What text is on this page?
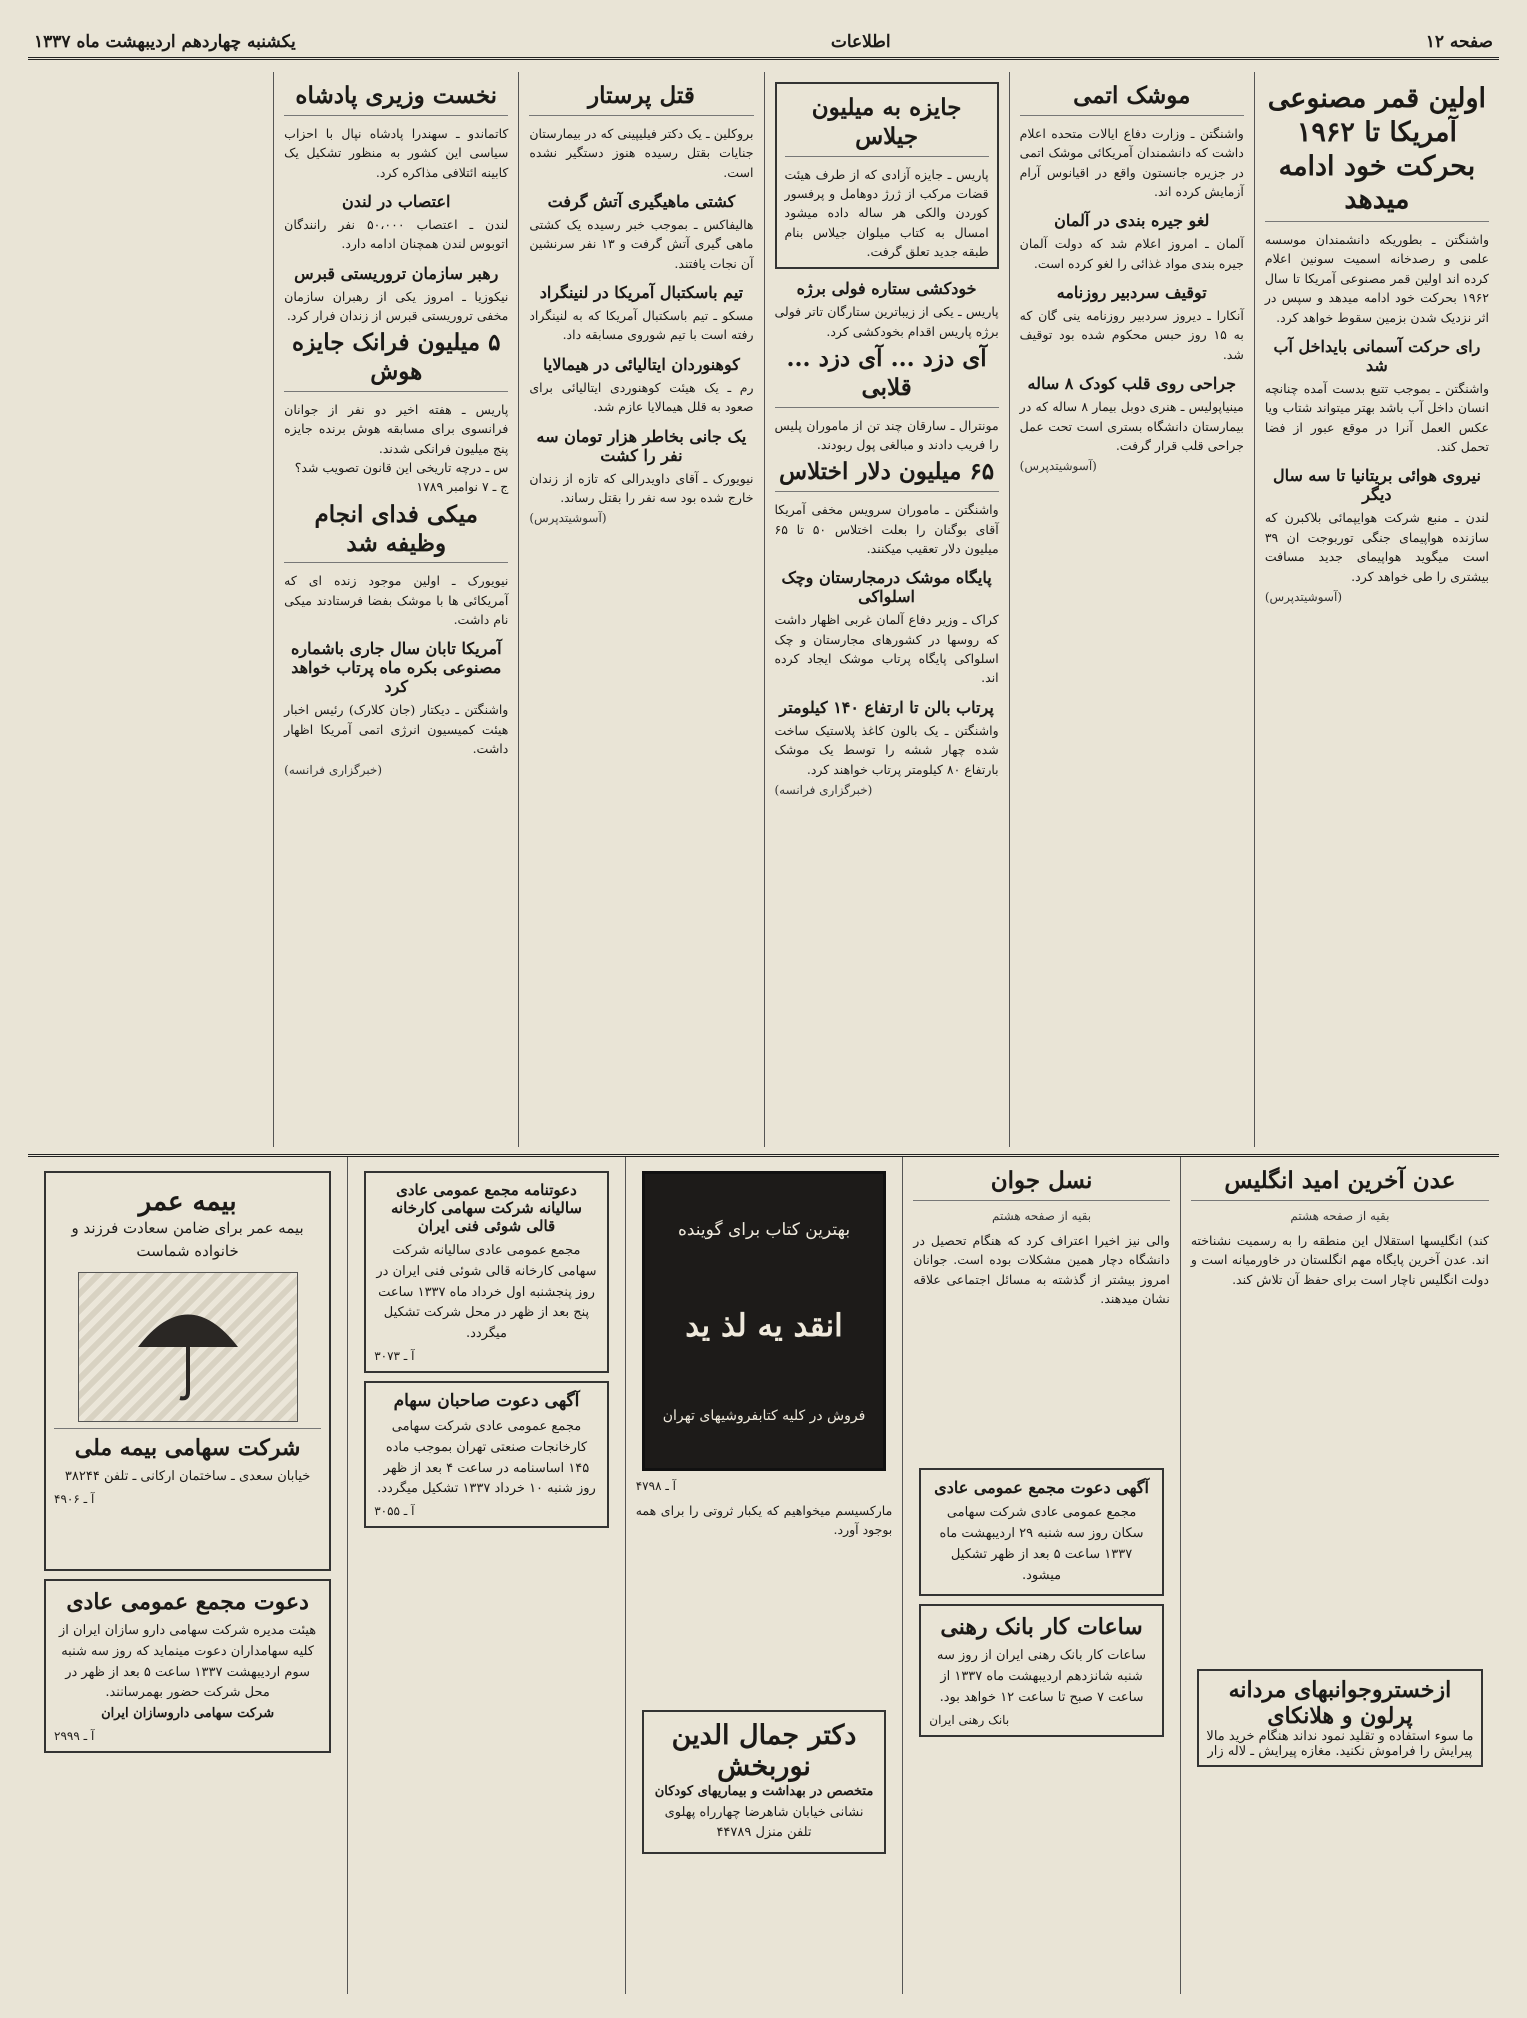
صفحه ۱۲
اطلاعات
یکشنبه چهاردهم اردیبهشت ماه ۱۳۳۷
اولین قمر مصنوعی آمریکا تا ۱۹۶۲ بحرکت خود ادامه میدهد

واشنگتن ـ بطوریکه دانشمندان موسسه علمی و رصدخانه اسمیت سونین اعلام کرده اند اولین قمر مصنوعی آمریکا تا سال ۱۹۶۲ بحرکت خود ادامه میدهد و سپس در اثر نزدیک شدن بزمین سقوط خواهد کرد.

رای حرکت آسمانی بایداخل آب شد

واشنگتن ـ بموجب تتبع بدست آمده چنانچه انسان داخل آب باشد بهتر میتواند شتاب ویا عکس العمل آنرا در موقع عبور از فضا تحمل کند.

نیروی هوائی بریتانیا تا سه سال دیگر

لندن ـ منبع شرکت هوایپمائی بلاکبرن که سازنده هواپیمای جنگی توربوجت ان ۳۹ است میگوید هواپیمای جدید مسافت بیشتری را طی خواهد کرد.

(آسوشیتدپرس)
موشک اتمی

واشنگتن ـ وزارت دفاع ایالات متحده اعلام داشت که دانشمندان آمریکائی موشک اتمی در جزیره جانستون واقع در اقیانوس آرام آزمایش کرده اند.

لغو جیره بندی در آلمان

آلمان ـ امروز اعلام شد که دولت آلمان جیره بندی مواد غذائی را لغو کرده است.

توقیف سردبیر روزنامه

آنکارا ـ دیروز سردبیر روزنامه ینی گان که به ۱۵ روز حبس محکوم شده بود توقیف شد.

جراحی روی قلب کودک ۸ ساله

مینیاپولیس ـ هنری دوبل بیمار ۸ ساله که در بیمارستان دانشگاه بستری است تحت عمل جراحی قلب قرار گرفت.

(آسوشیتدپرس)
جایزه به میلیون جیلاس

پاریس ـ جایزه آزادی که از طرف هیئت قضات مرکب از ژرژ دوهامل و پرفسور کوردن والکی هر ساله داده میشود امسال به کتاب میلوان جیلاس بنام طبقه جدید تعلق گرفت.

خودکشی ستاره فولی برژه

پاریس ـ یکی از زیباترین ستارگان تاتر فولی برژه پاریس اقدام بخودکشی کرد.

آی دزد ... آی دزد ... قلابی

مونترال ـ سارقان چند تن از ماموران پلیس را فریب دادند و مبالغی پول ربودند.

۶۵ میلیون دلار اختلاس

واشنگتن ـ ماموران سرویس مخفی آمریکا آقای بوگنان را بعلت اختلاس ۵۰ تا ۶۵ میلیون دلار تعقیب میکنند.

پایگاه موشک درمجارستان وچک اسلواکی

کراک ـ وزیر دفاع آلمان غربی اظهار داشت که روسها در کشورهای مجارستان و چک اسلواکی پایگاه پرتاب موشک ایجاد کرده اند.

پرتاب بالن تا ارتفاع ۱۴۰ کیلومتر

واشنگتن ـ یک بالون کاغذ پلاستیک ساخت شده چهار ششه را توسط یک موشک بارتفاع ۸۰ کیلومتر پرتاب خواهند کرد.

(خبرگزاری فرانسه)
قتل پرستار

بروکلین ـ یک دکتر فیلیپینی که در بیمارستان جنایات بقتل رسیده هنوز دستگیر نشده است.

کشتی ماهیگیری آتش گرفت

هالیفاکس ـ بموجب خبر رسیده یک کشتی ماهی گیری آتش گرفت و ۱۳ نفر سرنشین آن نجات یافتند.

تیم باسکتبال آمریکا در لنینگراد

مسکو ـ تیم باسکتبال آمریکا که به لنینگراد رفته است با تیم شوروی مسابقه داد.

کوهنوردان ایتالیائی در هیمالایا

رم ـ یک هیئت کوهنوردی ایتالیائی برای صعود به قلل هیمالایا عازم شد.

یک جانی بخاطر هزار تومان سه نفر را کشت

نیویورک ـ آقای داویدرالی که تازه از زندان خارج شده بود سه نفر را بقتل رساند.

(آسوشیتدپرس)
نخست وزیری پادشاه

کاتماندو ـ سهندرا پادشاه نپال با احزاب سیاسی این کشور به منظور تشکیل یک کابینه ائتلافی مذاکره کرد.

اعتصاب در لندن

لندن ـ اعتصاب ۵۰،۰۰۰ نفر رانندگان اتوبوس لندن همچنان ادامه دارد.

رهبر سازمان تروریستی قبرس

نیکوزیا ـ امروز یکی از رهبران سازمان مخفی تروریستی قبرس از زندان فرار کرد.

۵ میلیون فرانک جایزه هوش

پاریس ـ هفته اخیر دو نفر از جوانان فرانسوی برای مسابقه هوش برنده جایزه پنج میلیون فرانکی شدند.

س ـ درچه تاریخی این قانون تصویب شد؟

ج ـ ۷ نوامبر ۱۷۸۹

میکی فدای انجام وظیفه شد

نیویورک ـ اولین موجود زنده ای که آمریکائی ها با موشک بفضا فرستادند میکی نام داشت.

آمریکا تابان سال جاری باشماره مصنوعی بکره ماه پرتاب خواهد کرد

واشنگتن ـ دیکتار (جان کلارک) رئیس اخبار هیئت کمیسیون انرژی اتمی آمریکا اظهار داشت.

(خبرگزاری فرانسه)
عدن آخرین امید انگلیس
بقیه از صفحه هشتم

کند) انگلیسها استقلال این منطقه را به رسمیت نشناخته اند. عدن آخرین پایگاه مهم انگلستان در خاورمیانه است و دولت انگلیس ناچار است برای حفظ آن تلاش کند.

ازخستروجوانبهای مردانه پرلون و هلانکای
ما سوء استفاده و تقلید نمود نداند هنگام خرید مالا پیرایش را فراموش نکنید. مغازه پیرایش ـ لاله زار
نسل جوان
بقیه از صفحه هشتم

والی نیز اخیرا اعتراف کرد که هنگام تحصیل در دانشگاه دچار همین مشکلات بوده است. جوانان امروز بیشتر از گذشته به مسائل اجتماعی علاقه نشان میدهند.

آگهی دعوت مجمع عمومی عادی
مجمع عمومی عادی شرکت سهامی سکان روز سه شنبه ۲۹ اردیبهشت ماه ۱۳۳۷ ساعت ۵ بعد از ظهر تشکیل میشود.
ساعات کار بانک رهنی
ساعات کار بانک رهنی ایران از روز سه شنبه شانزدهم اردیبهشت ماه ۱۳۳۷ از ساعت ۷ صبح تا ساعت ۱۲ خواهد بود.
بانک رهنی ایران
بهترین کتاب برای گوینده
انقد یه لذ ید
فروش در کلیه کتابفروشیهای تهران
آ ـ ۴۷۹۸

مارکسیسم میخواهیم که یکبار ثروتی را برای همه بوجود آورد.

دکتر جمال الدین نوربخش
متخصص در بهداشت و بیماریهای کودکان
نشانی خیابان شاهرضا چهارراه پهلوی
تلفن منزل ۴۴۷۸۹
دعوتنامه مجمع عمومی عادی سالیانه شرکت سهامی کارخانه قالی شوئی فنی ایران
مجمع عمومی عادی سالیانه شرکت سهامی کارخانه قالی شوئی فنی ایران در روز پنجشنبه اول خرداد ماه ۱۳۳۷ ساعت پنج بعد از ظهر در محل شرکت تشکیل میگردد.
آ ـ ۳۰۷۳
آگهی دعوت صاحبان سهام
مجمع عمومی عادی شرکت سهامی کارخانجات صنعتی تهران بموجب ماده ۱۴۵ اساسنامه در ساعت ۴ بعد از ظهر روز شنبه ۱۰ خرداد ۱۳۳۷ تشکیل میگردد.
آ ـ ۳۰۵۵
بیمه عمر
بیمه عمر برای ضامن سعادت فرزند و خانواده شماست
شرکت سهامی بیمه ملی
خیابان سعدی ـ ساختمان ارکانی ـ تلفن ۳۸۲۴۴
آ ـ ۴۹۰۶
دعوت مجمع عمومی عادی
هیئت مدیره شرکت سهامی دارو سازان ایران از کلیه سهامداران دعوت مینماید که روز سه شنبه سوم اردیبهشت ۱۳۳۷ ساعت ۵ بعد از ظهر در محل شرکت حضور بهمرسانند.
شرکت سهامی داروسازان ایران
آ ـ ۲۹۹۹
